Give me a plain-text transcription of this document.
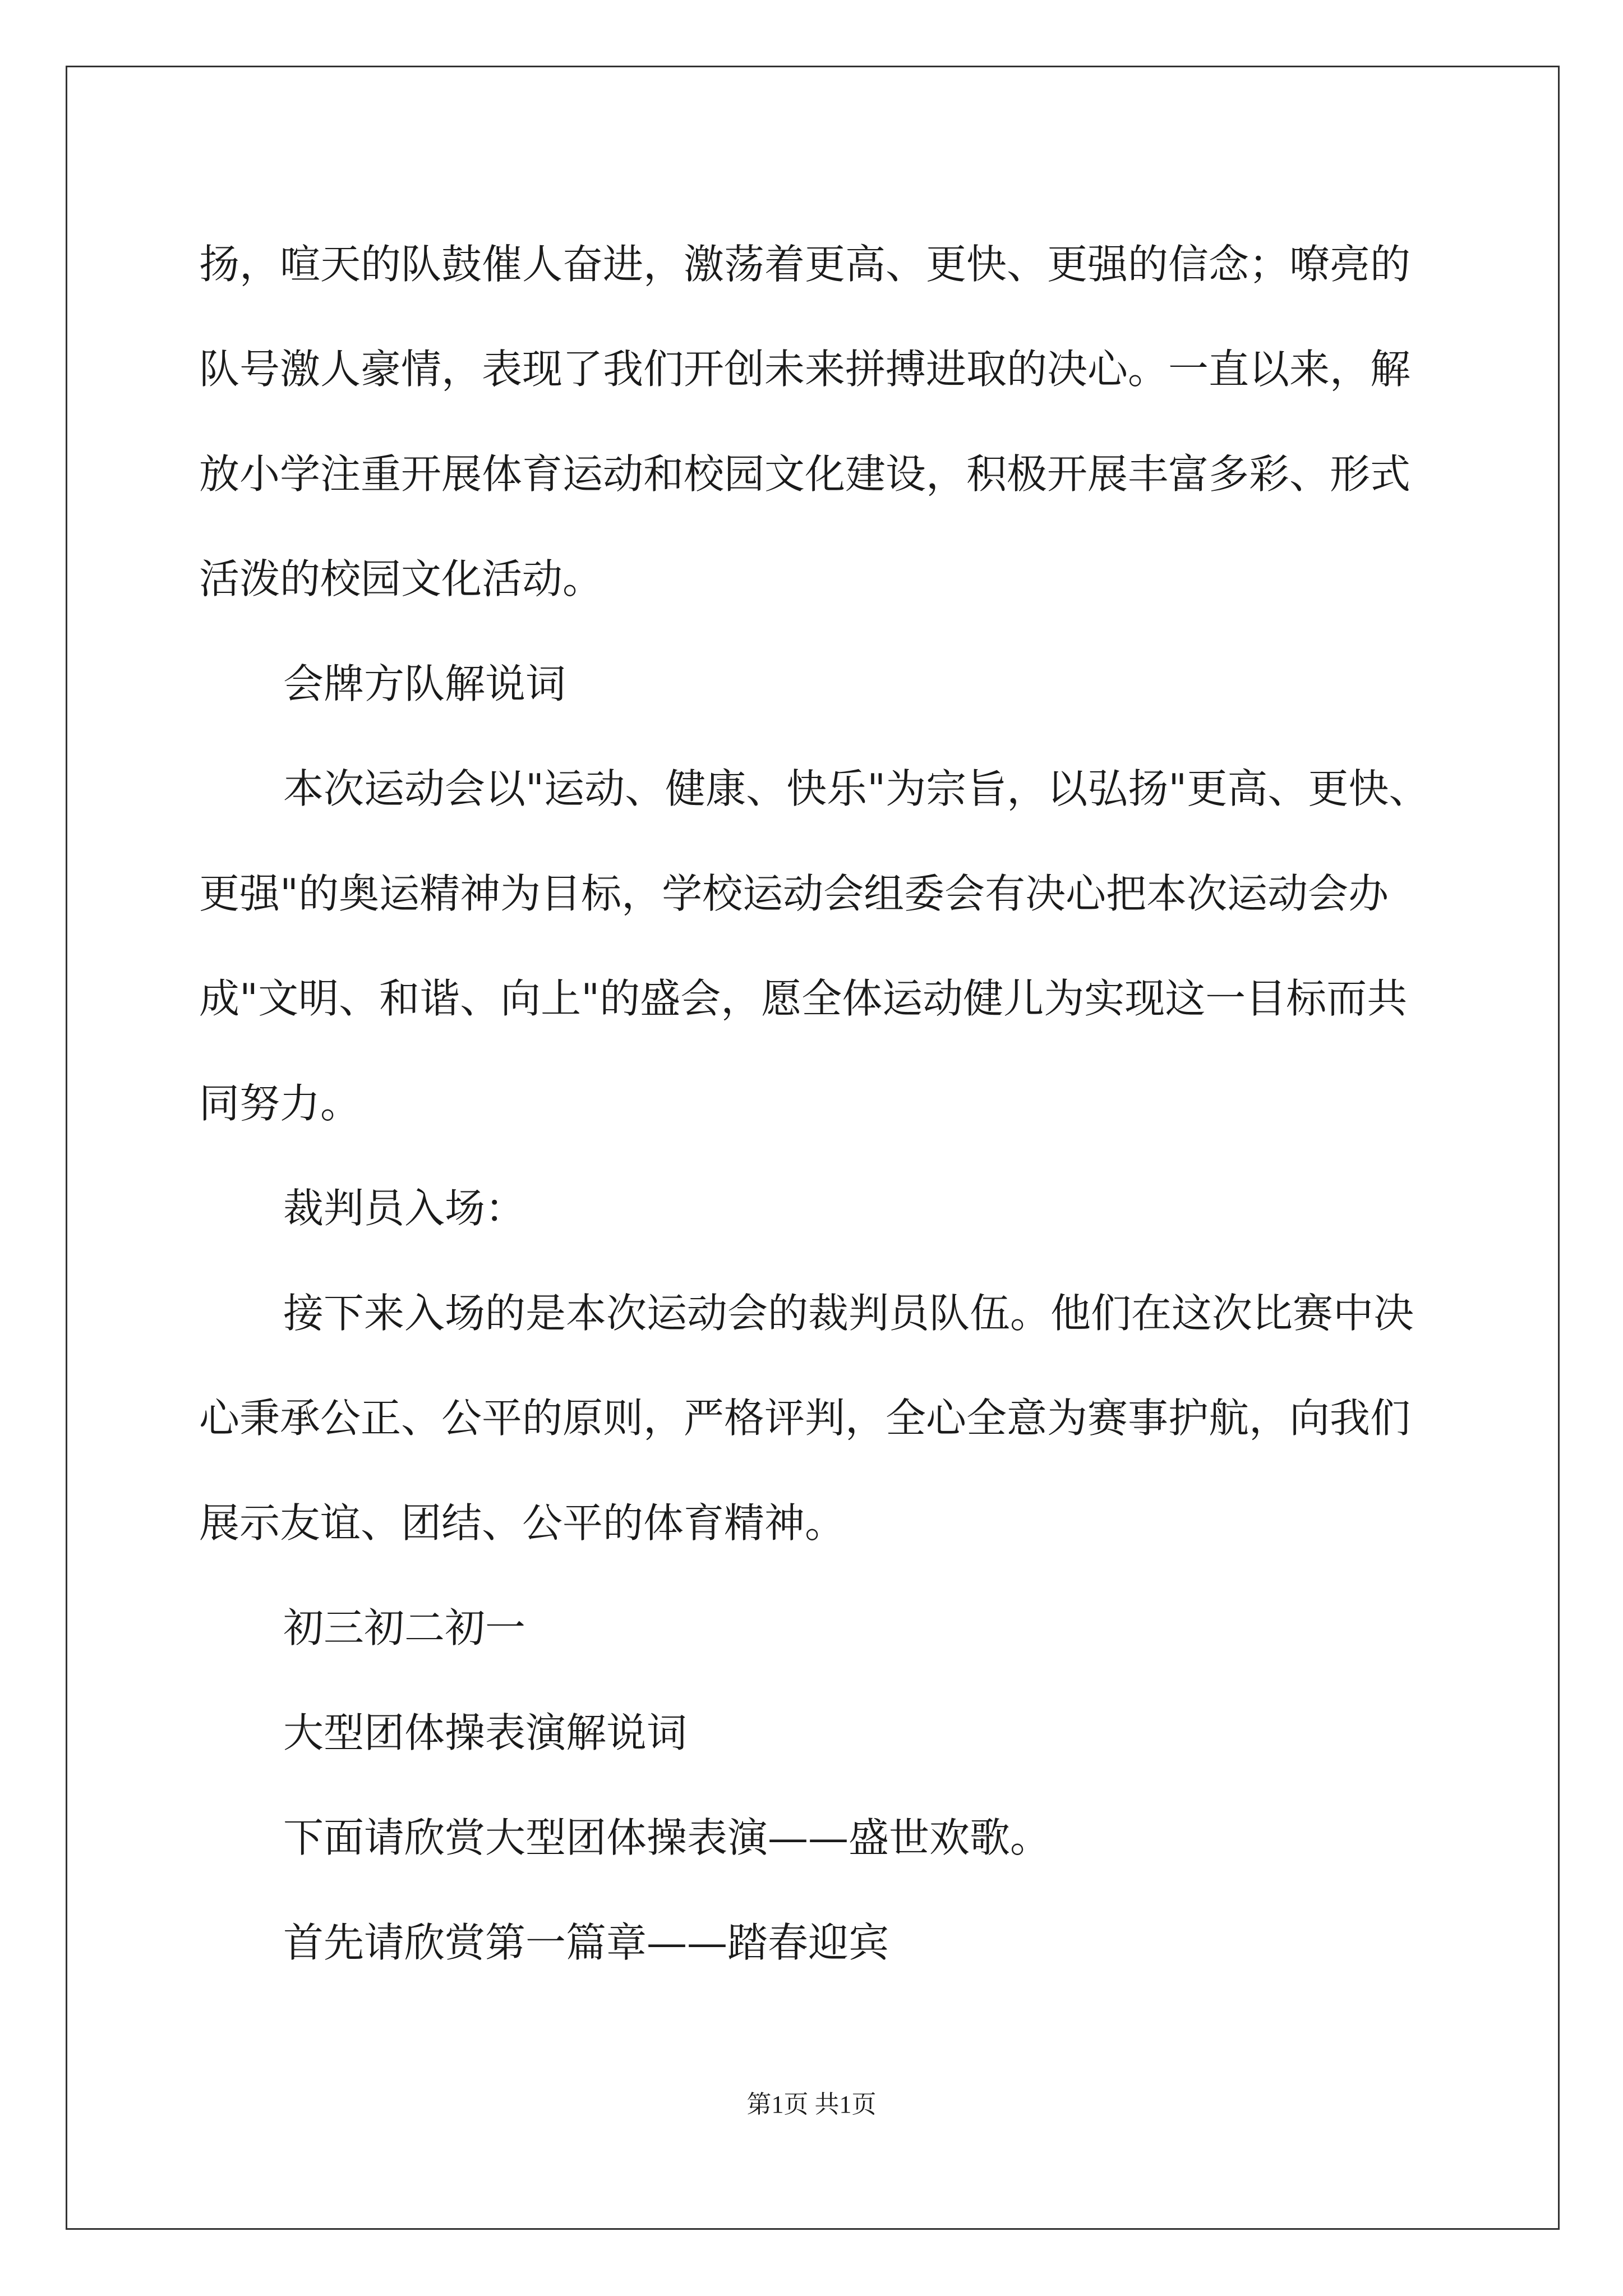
扬，喧天的队鼓催人奋进，激荡着更高、更快、更强的信念；嘹亮的队号激人豪情，表现了我们开创未来拼搏进取的决心。一直以来，解放小学注重开展体育运动和校园文化建设，积极开展丰富多彩、形式活泼的校园文化活动。

会牌方队解说词

本次运动会以"运动、健康、快乐"为宗旨，以弘扬"更高、更快、更强"的奥运精神为目标，学校运动会组委会有决心把本次运动会办成"文明、和谐、向上"的盛会，愿全体运动健儿为实现这一目标而共同努力。

裁判员入场：

接下来入场的是本次运动会的裁判员队伍。他们在这次比赛中决心秉承公正、公平的原则，严格评判，全心全意为赛事护航，向我们展示友谊、团结、公平的体育精神。

初三初二初一

大型团体操表演解说词

下面请欣赏大型团体操表演——盛世欢歌。

首先请欣赏第一篇章——踏春迎宾

第1页 共1页
